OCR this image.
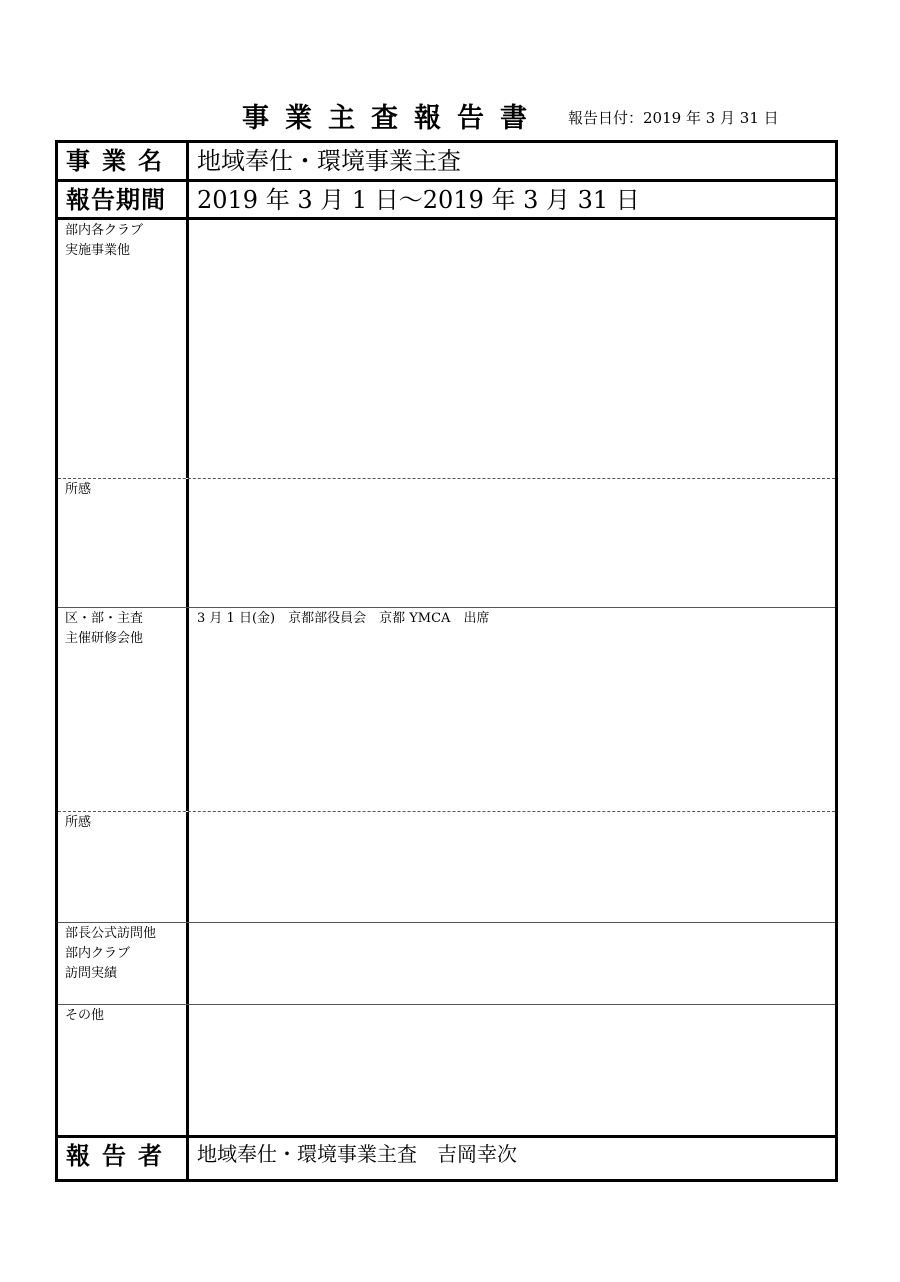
事業主査報告書 報告日付：2019 年 3 月 31 日
事業名 地域奉仕・環境事業主査
報告期間	2019 年 3 月 1 日～2019 年 3 月 31 日
部内各クラブ
実施事業他
所感
区・部・主査
主催研修会他
3 月 1 日(金)　京都部役員会　京都 YMCA　出席
所感
部長公式訪問他
部内クラブ
訪問実績
その他
報告者	地域奉仕・環境事業主査　吉岡幸次
